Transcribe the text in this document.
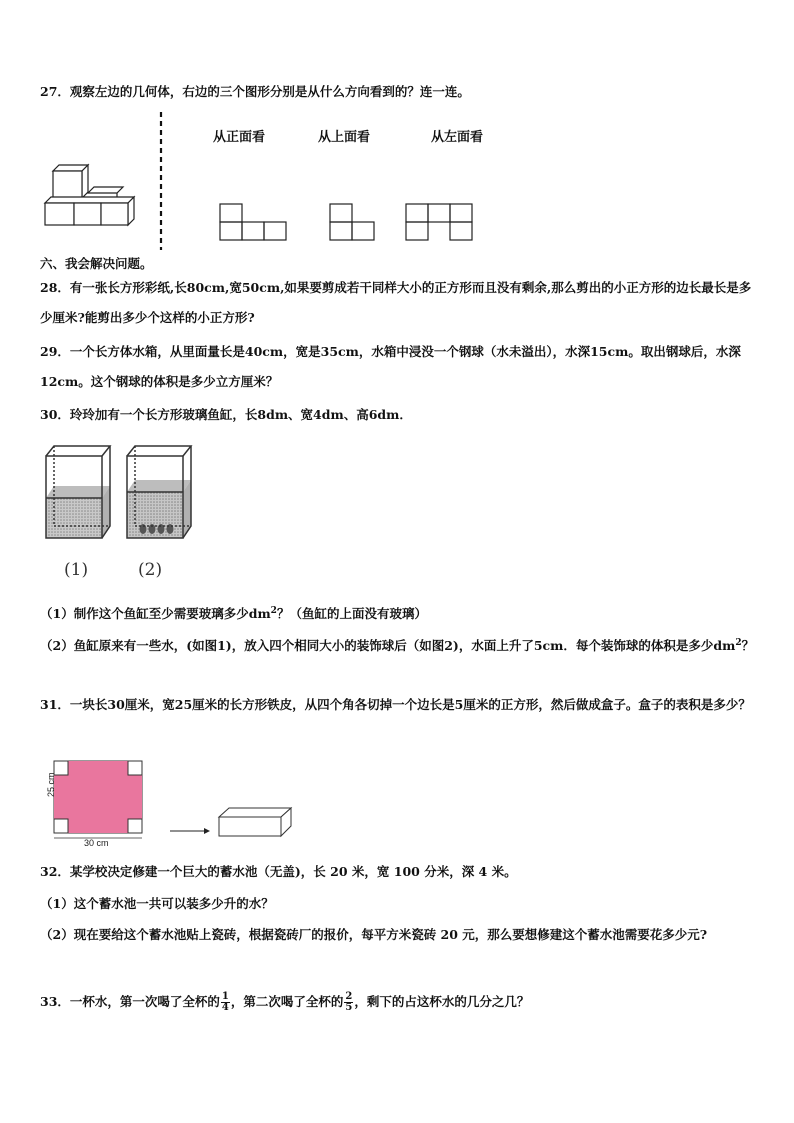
27．观察左边的几何体，右边的三个图形分别是从什么方向看到的？连一连。
从正面看	从上面看	从左面看
六、我会解决问题。
28．有一张长方形彩纸,长80cm,宽50cm,如果要剪成若干同样大小的正方形而且没有剩余,那么剪出的小正方形的边长最长是多少厘米?能剪出多少个这样的小正方形?
29．一个长方体水箱，从里面量长是40cm，宽是35cm，水箱中浸没一个钢球（水未溢出），水深15cm。取出钢球后，水深12cm。这个钢球的体积是多少立方厘米？
30．玲玲加有一个长方形玻璃鱼缸，长8dm、宽4dm、高6dm．
(1)	(2)
（1）制作这个鱼缸至少需要玻璃多少$dm^2$？（鱼缸的上面没有玻璃）
（2）鱼缸原来有一些水，(如图1)，放入四个相同大小的装饰球后（如图2)，水面上升了5cm．每个装饰球的体积是多少$dm^2$？
31．一块长30厘米，宽25厘米的长方形铁皮，从四个角各切掉一个边长是5厘米的正方形，然后做成盒子。盒子的表积是多少？
25 cm
30 cm
32．某学校决定修建一个巨大的蓄水池（无盖)，长 20 米，宽 100 分米，深 4 米。
（1）这个蓄水池一共可以装多少升的水？
（2）现在要给这个蓄水池贴上瓷砖，根据瓷砖厂的报价，每平方米瓷砖 20 元，那么要想修建这个蓄水池需要花多少元?
33．一杯水，第一次喝了全杯的 $\frac{1}{4}$ ，第二次喝了全杯的 $\frac{2}{5}$ ，剩下的占这杯水的几分之几？
